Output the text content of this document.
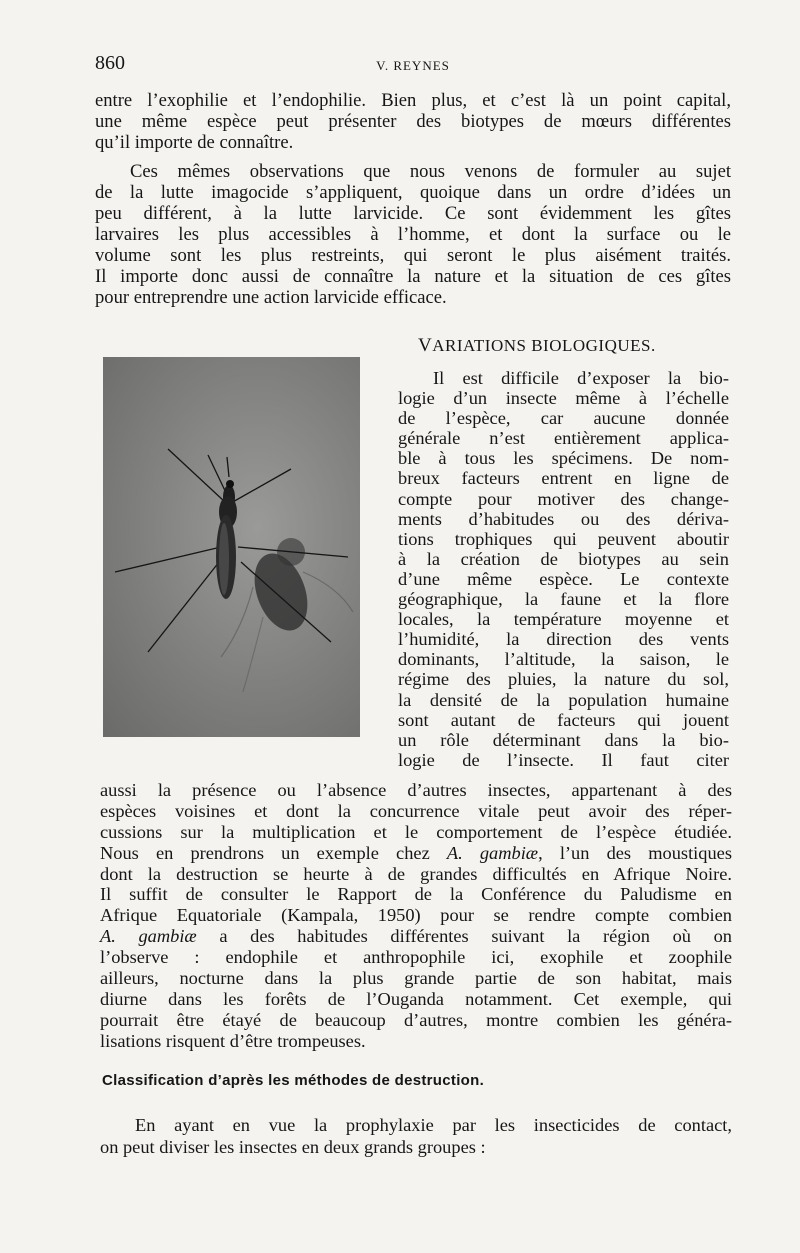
860	V. REYNES
entre l’exophilie et l’endophilie. Bien plus, et c’est là un point capital,
une même espèce peut présenter des biotypes de mœurs différentes
qu’il importe de connaître.
Ces mêmes observations que nous venons de formuler au sujet
de la lutte imagocide s’appliquent, quoique dans un ordre d’idées un
peu différent, à la lutte larvicide. Ce sont évidemment les gîtes
larvaires les plus accessibles à l’homme, et dont la surface ou le
volume sont les plus restreints, qui seront le plus aisément traités.
Il importe donc aussi de connaître la nature et la situation de ces gîtes
pour entreprendre une action larvicide efficace.
VARIATIONS BIOLOGIQUES.
Il est difficile d’exposer la bio-
logie d’un insecte même à l’échelle
de l’espèce, car aucune donnée
générale n’est entièrement applica-
ble à tous les spécimens. De nom-
breux facteurs entrent en ligne de
compte pour motiver des change-
ments d’habitudes ou des dériva-
tions trophiques qui peuvent aboutir
à la création de biotypes au sein
d’une même espèce. Le contexte
géographique, la faune et la flore
locales, la température moyenne et
l’humidité, la direction des vents
dominants, l’altitude, la saison, le
régime des pluies, la nature du sol,
la densité de la population humaine
sont autant de facteurs qui jouent
un rôle déterminant dans la bio-
logie de l’insecte. Il faut citer
aussi la présence ou l’absence d’autres insectes, appartenant à des
espèces voisines et dont la concurrence vitale peut avoir des réper-
cussions sur la multiplication et le comportement de l’espèce étudiée.
Nous en prendrons un exemple chez A. gambiæ, l’un des moustiques
dont la destruction se heurte à de grandes difficultés en Afrique Noire.
Il suffit de consulter le Rapport de la Conférence du Paludisme en
Afrique Equatoriale (Kampala, 1950) pour se rendre compte combien
A. gambiæ a des habitudes différentes suivant la région où on
l’observe : endophile et anthropophile ici, exophile et zoophile
ailleurs, nocturne dans la plus grande partie de son habitat, mais
diurne dans les forêts de l’Ouganda notamment. Cet exemple, qui
pourrait être étayé de beaucoup d’autres, montre combien les généra-
lisations risquent d’être trompeuses.
Classification d’après les méthodes de destruction.
En ayant en vue la prophylaxie par les insecticides de contact,
on peut diviser les insectes en deux grands groupes :
